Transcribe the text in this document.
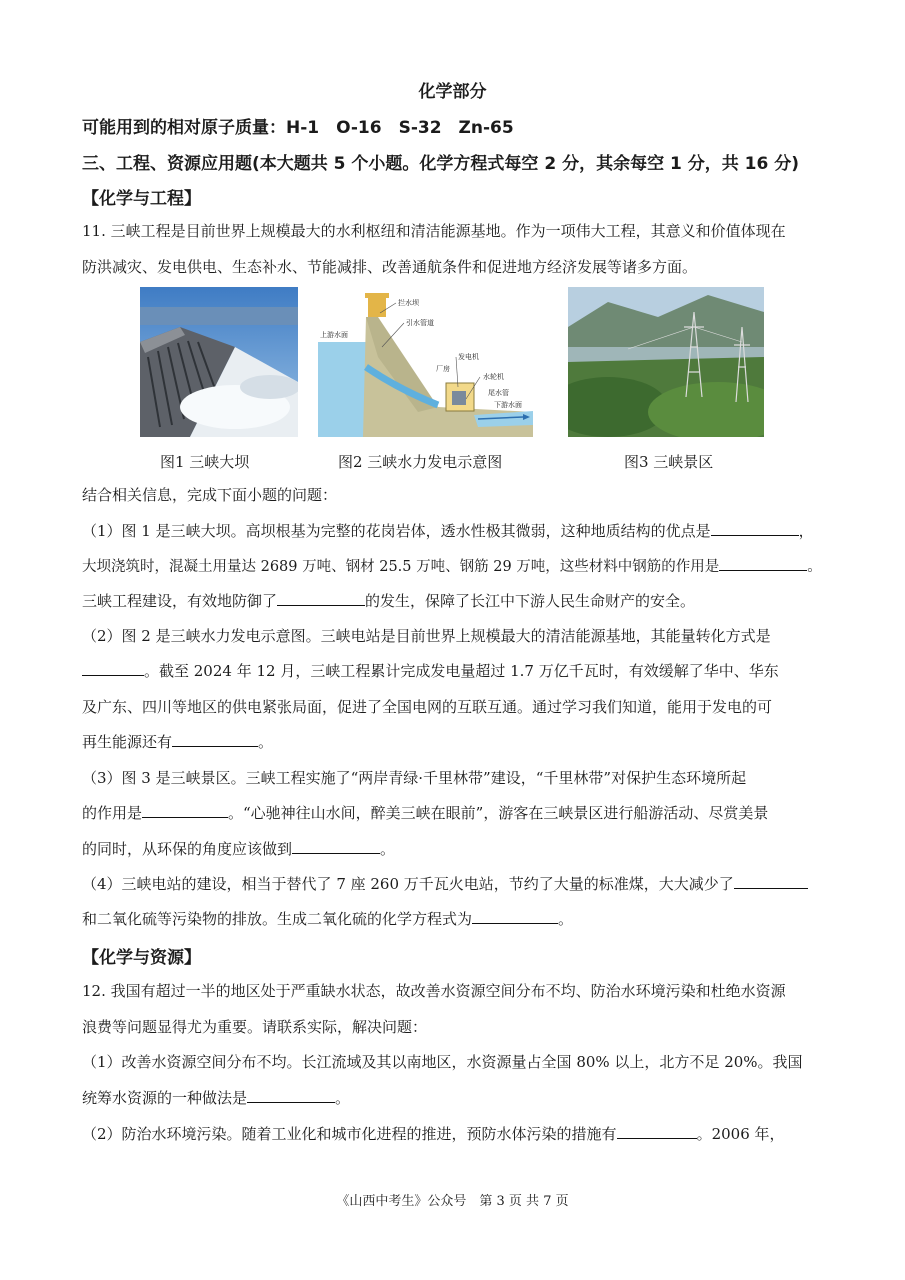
化学部分
可能用到的相对原子质量：H-1　O-16　S-32　Zn-65
三、工程、资源应用题(本大题共 5 个小题。化学方程式每空 2 分，其余每空 1 分，共 16 分)
【化学与工程】
11. 三峡工程是目前世界上规模最大的水利枢纽和清洁能源基地。作为一项伟大工程，其意义和价值体现在
防洪减灾、发电供电、生态补水、节能减排、改善通航条件和促进地方经济发展等诸多方面。
上游水面
拦水坝
引水管道
发电机
厂房
水轮机
尾水管
下游水面
图1 三峡大坝	图2 三峡水力发电示意图	图3 三峡景区
结合相关信息，完成下面小题的问题：
（1）图 1 是三峡大坝。高坝根基为完整的花岗岩体，透水性极其微弱，这种地质结构的优点是	，
大坝浇筑时，混凝土用量达 2689 万吨、钢材 25.5 万吨、钢筋 29 万吨，这些材料中钢筋的作用是	。
三峡工程建设，有效地防御了	的发生，保障了长江中下游人民生命财产的安全。
（2）图 2 是三峡水力发电示意图。三峡电站是目前世界上规模最大的清洁能源基地，其能量转化方式是
。截至 2024 年 12 月，三峡工程累计完成发电量超过 1.7 万亿千瓦时，有效缓解了华中、华东
及广东、四川等地区的供电紧张局面，促进了全国电网的互联互通。通过学习我们知道，能用于发电的可
再生能源还有	。
（3）图 3 是三峡景区。三峡工程实施了“两岸青绿·千里林带”建设，“千里林带”对保护生态环境所起
的作用是	。“心驰神往山水间，醉美三峡在眼前”，游客在三峡景区进行船游活动、尽赏美景
的同时，从环保的角度应该做到	。
（4）三峡电站的建设，相当于替代了 7 座 260 万千瓦火电站，节约了大量的标准煤，大大减少了
和二氧化硫等污染物的排放。生成二氧化硫的化学方程式为	。
【化学与资源】
12. 我国有超过一半的地区处于严重缺水状态，故改善水资源空间分布不均、防治水环境污染和杜绝水资源
浪费等问题显得尤为重要。请联系实际，解决问题：
（1）改善水资源空间分布不均。长江流域及其以南地区，水资源量占全国 80% 以上，北方不足 20%。我国
统筹水资源的一种做法是	。
（2）防治水环境污染。随着工业化和城市化进程的推进，预防水体污染的措施有	。2006 年，
《山西中考生》公众号　第 3 页 共 7 页
